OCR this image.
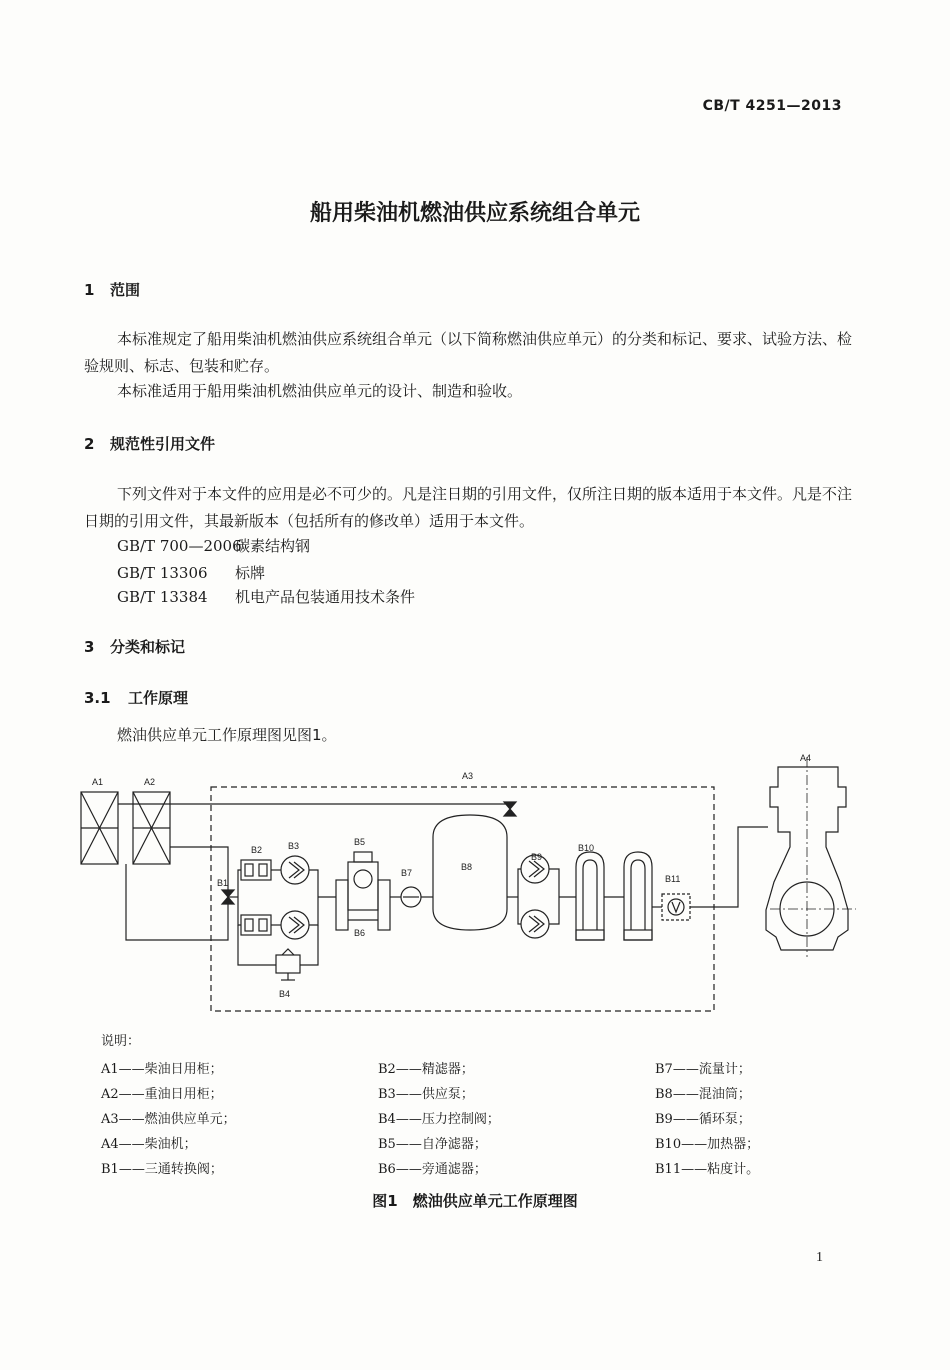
CB/T 4251—2013
船用柴油机燃油供应系统组合单元
1 范围
本标准规定了船用柴油机燃油供应系统组合单元（以下简称燃油供应单元）的分类和标记、要求、试验方法、检验规则、标志、包装和贮存。
本标准适用于船用柴油机燃油供应单元的设计、制造和验收。
2 规范性引用文件
下列文件对于本文件的应用是必不可少的。凡是注日期的引用文件，仅所注日期的版本适用于本文件。凡是不注日期的引用文件，其最新版本（包括所有的修改单）适用于本文件。
GB/T 700—2006碳素结构钢
GB/T 13306 标牌
GB/T 13384 机电产品包装通用技术条件
3 分类和标记
3.1 工作原理
燃油供应单元工作原理图见图1。
A1	A2
A3
A4
B1
B2	B3
B4
B5
B6
B7
B8
B9
B10
B11
说明：
A1——柴油日用柜；	B2——精滤器；	B7——流量计；
A2——重油日用柜；	B3——供应泵；	B8——混油筒；
A3——燃油供应单元；	B4——压力控制阀；	B9——循环泵；
A4——柴油机；	B5——自净滤器；	B10——加热器；
B1——三通转换阀；	B6——旁通滤器；	B11——粘度计。
图1　燃油供应单元工作原理图
1
